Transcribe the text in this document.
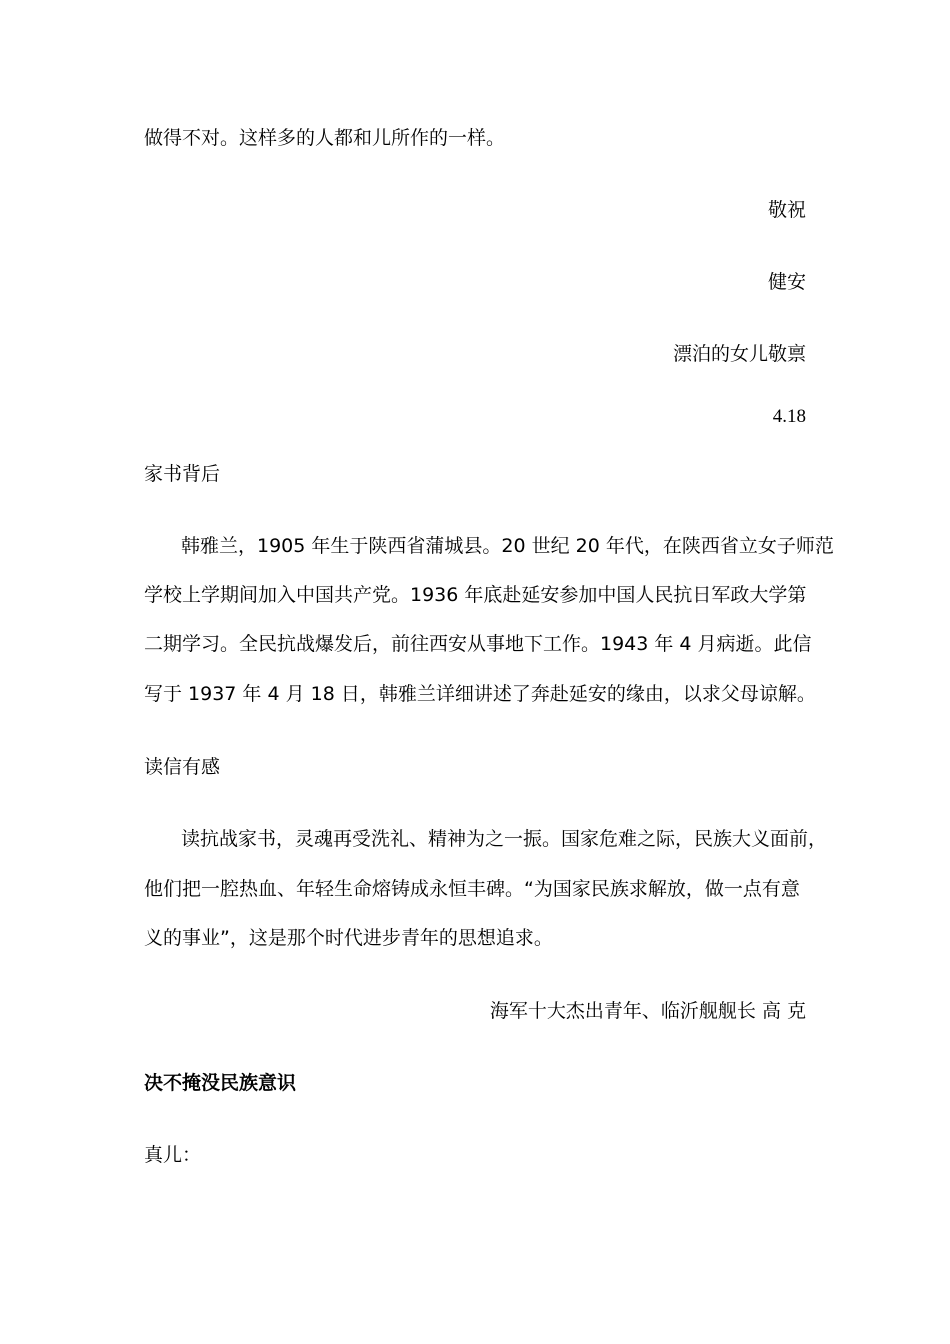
做得不对。这样多的人都和儿所作的一样。
敬祝
健安
漂泊的女儿敬禀
4.18
家书背后
韩雅兰，1905 年生于陕西省蒲城县。20 世纪 20 年代，在陕西省立女子师范
学校上学期间加入中国共产党。1936 年底赴延安参加中国人民抗日军政大学第
二期学习。全民抗战爆发后，前往西安从事地下工作。1943 年 4 月病逝。此信
写于 1937 年 4 月 18 日，韩雅兰详细讲述了奔赴延安的缘由，以求父母谅解。
读信有感
读抗战家书，灵魂再受洗礼、精神为之一振。国家危难之际，民族大义面前，
他们把一腔热血、年轻生命熔铸成永恒丰碑。“为国家民族求解放，做一点有意
义的事业”，这是那个时代进步青年的思想追求。
海军十大杰出青年、临沂舰舰长 高 克
决不掩没民族意识
真儿：
